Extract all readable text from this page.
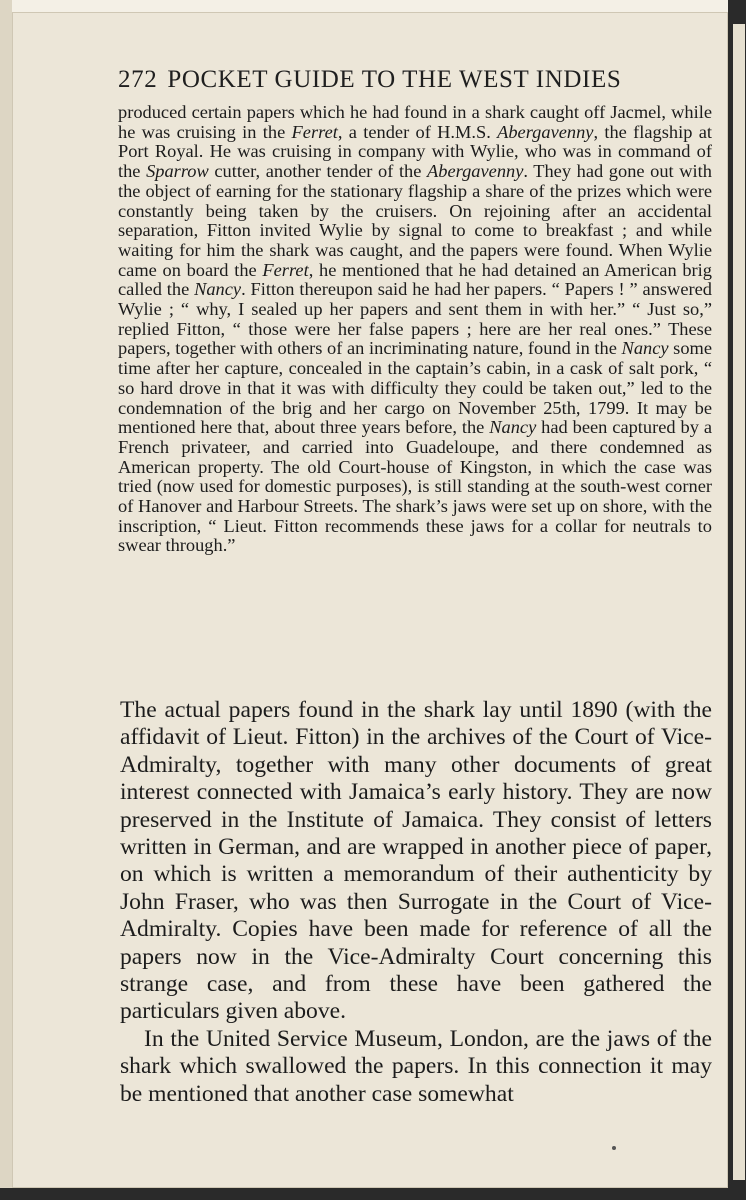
272 POCKET GUIDE TO THE WEST INDIES
produced certain papers which he had found in a shark caught off Jacmel, while he was cruising in the Ferret, a tender of H.M.S. Abergavenny, the flagship at Port Royal. He was cruising in company with Wylie, who was in command of the Sparrow cutter, another tender of the Abergavenny. They had gone out with the object of earning for the stationary flagship a share of the prizes which were constantly being taken by the cruisers. On rejoining after an accidental separation, Fitton invited Wylie by signal to come to breakfast ; and while waiting for him the shark was caught, and the papers were found. When Wylie came on board the Ferret, he mentioned that he had detained an American brig called the Nancy. Fitton thereupon said he had her papers. “ Papers ! ” answered Wylie ; “ why, I sealed up her papers and sent them in with her.” “ Just so,” replied Fitton, “ those were her false papers ; here are her real ones.” These papers, together with others of an incriminating nature, found in the Nancy some time after her capture, concealed in the captain’s cabin, in a cask of salt pork, “ so hard drove in that it was with difficulty they could be taken out,” led to the condemnation of the brig and her cargo on November 25th, 1799. It may be mentioned here that, about three years before, the Nancy had been captured by a French privateer, and carried into Guadeloupe, and there condemned as American property. The old Court-house of Kingston, in which the case was tried (now used for domestic purposes), is still standing at the south-west corner of Hanover and Harbour Streets. The shark’s jaws were set up on shore, with the inscription, “ Lieut. Fitton recommends these jaws for a collar for neutrals to swear through.”

The actual papers found in the shark lay until 1890 (with the affidavit of Lieut. Fitton) in the archives of the Court of Vice-Admiralty, together with many other documents of great interest connected with Jamaica’s early history. They are now preserved in the Institute of Jamaica. They consist of letters written in German, and are wrapped in another piece of paper, on which is written a memorandum of their authenticity by John Fraser, who was then Surrogate in the Court of Vice-Admiralty. Copies have been made for reference of all the papers now in the Vice-Admiralty Court concerning this strange case, and from these have been gathered the particulars given above.

In the United Service Museum, London, are the jaws of the shark which swallowed the papers. In this connection it may be mentioned that another case somewhat
